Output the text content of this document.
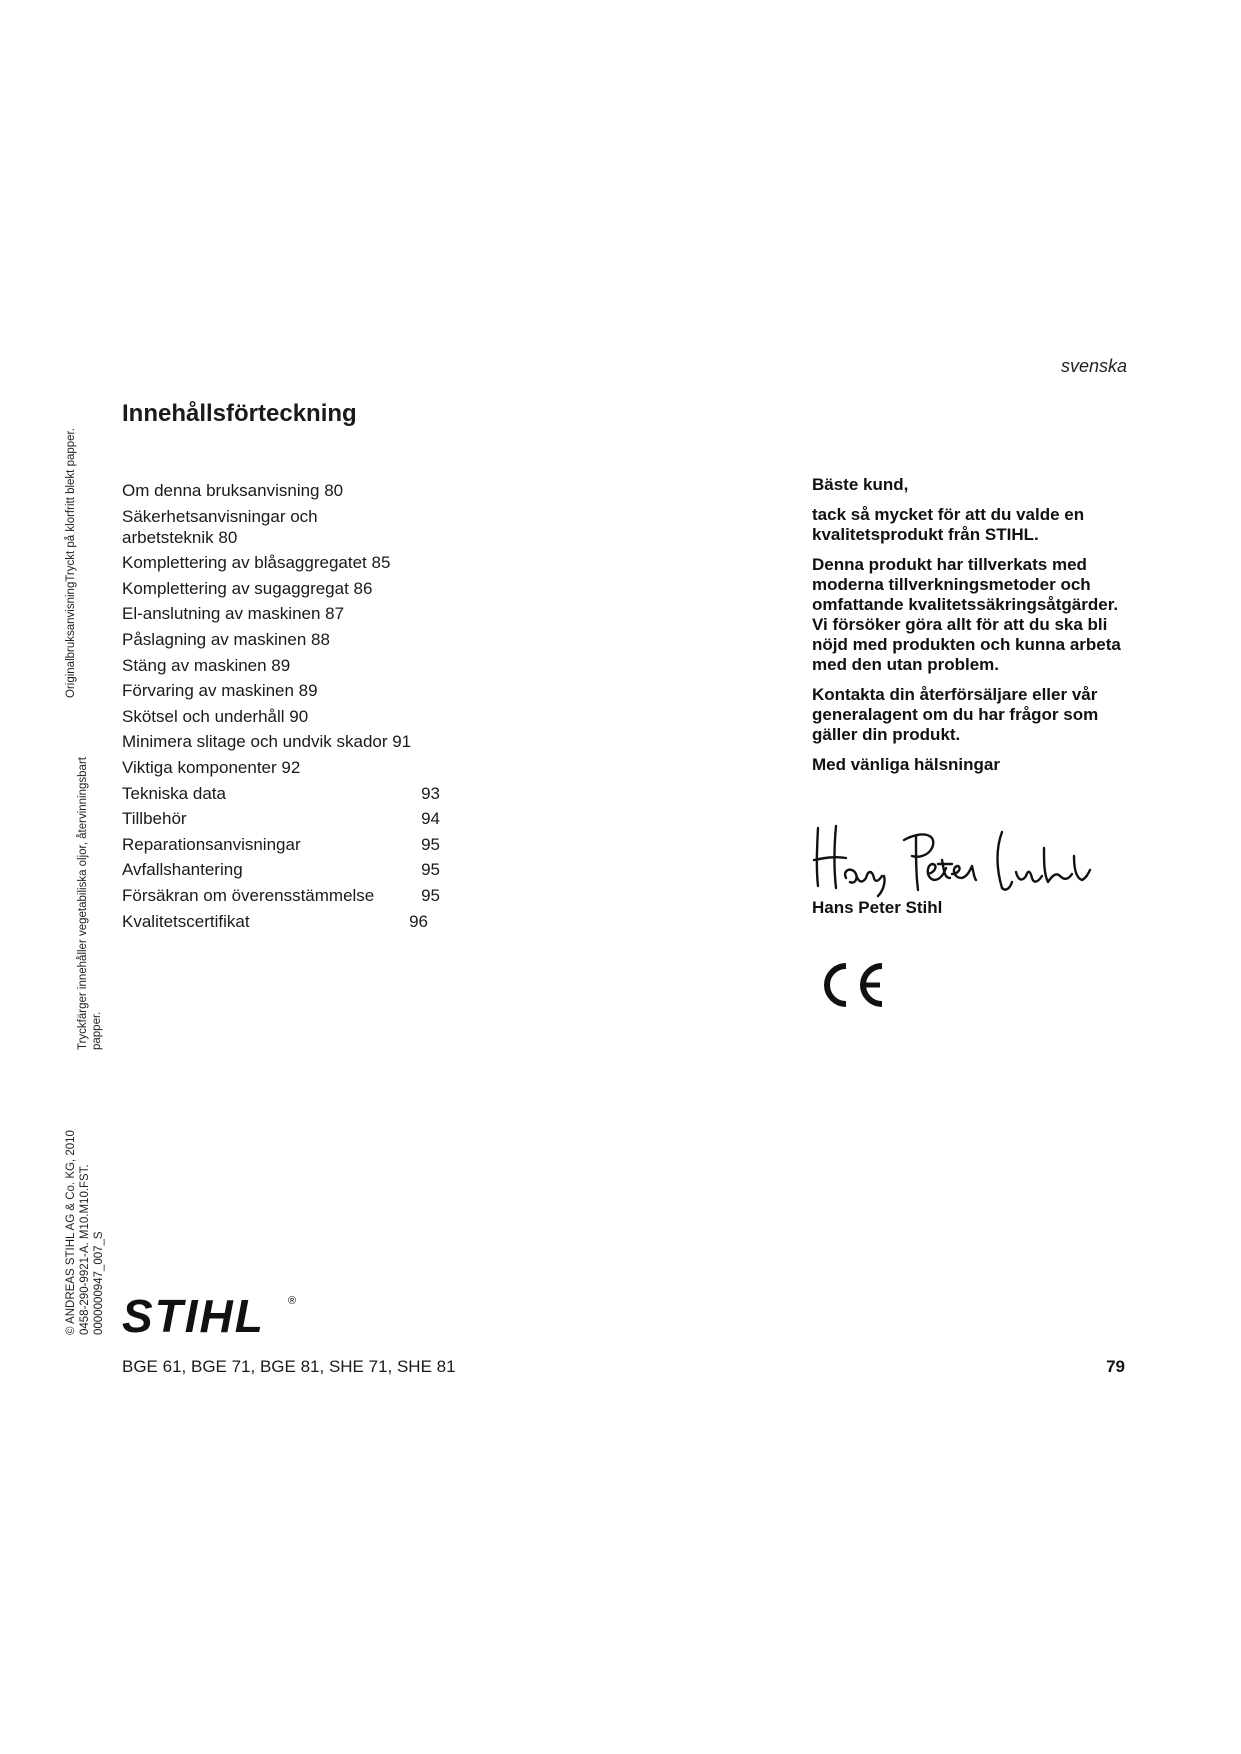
svenska
Innehållsförteckning
Om denna bruksanvisning 80
Säkerhetsanvisningar och
arbetsteknik 80
Komplettering av blåsaggregatet 85
Komplettering av sugaggregat 86
El-anslutning av maskinen 87
Påslagning av maskinen 88
Stäng av maskinen 89
Förvaring av maskinen 89
Skötsel och underhåll 90
Minimera slitage och undvik skador 91
Viktiga komponenter 92
Tekniska data	93
Tillbehör	94
Reparationsanvisningar	95
Avfallshantering	95
Försäkran om överensstämmelse	95
Kvalitetscertifikat	96
OriginalbruksanvisningTryckt på klorfritt blekt papper.
Tryckfärger innehåller vegetabiliska oljor, återvinningsbart papper.
© ANDREAS STIHL AG & Co. KG, 2010 0458-290-9921-A. M10.M10.FST. 0000000947_007_S

Bäste kund,

tack så mycket för att du valde en kvalitetsprodukt från STIHL.

Denna produkt har tillverkats med moderna tillverkningsmetoder och omfattande kvalitetssäkringsåtgärder. Vi försöker göra allt för att du ska bli nöjd med produkten och kunna arbeta med den utan problem.

Kontakta din återförsäljare eller vår generalagent om du har frågor som gäller din produkt.

Med vänliga hälsningar

Hans Peter Stihl
STIHL ®
BGE 61, BGE 71, BGE 81, SHE 71, SHE 81	79
